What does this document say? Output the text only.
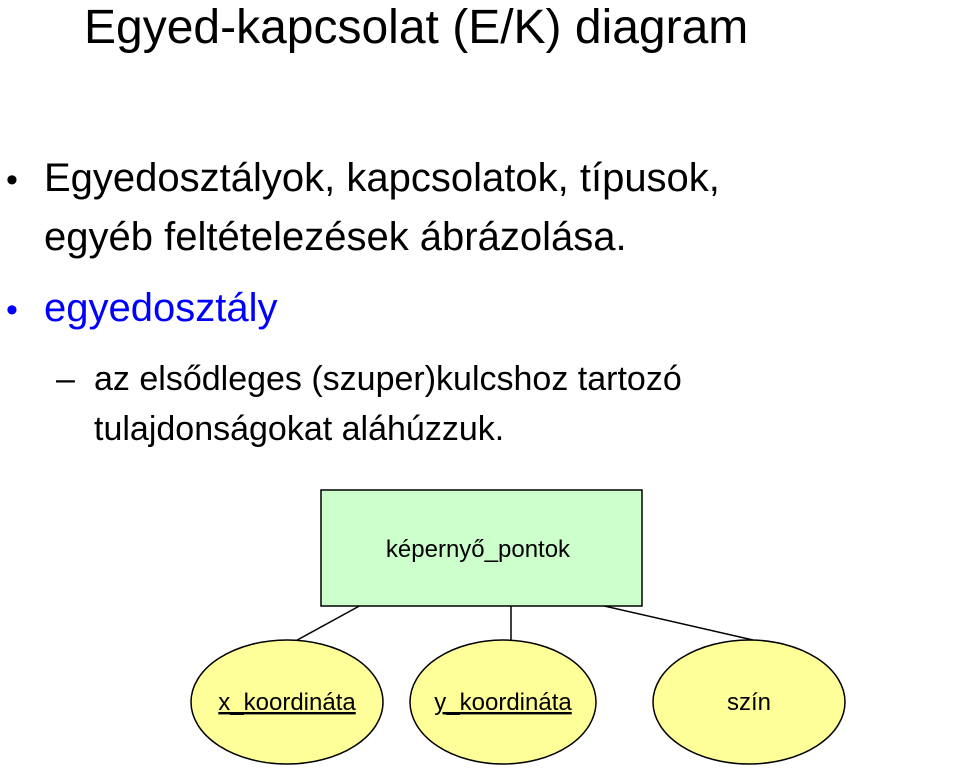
Egyed-kapcsolat (E/K) diagram
• Egyedosztályok, kapcsolatok, típusok,
egyéb feltételezések ábrázolása.
• egyedosztály
– az elsődleges (szuper)kulcshoz tartozó
tulajdonságokat aláhúzzuk.
képernyő_pontok
x_koordináta	y_koordináta	szín
